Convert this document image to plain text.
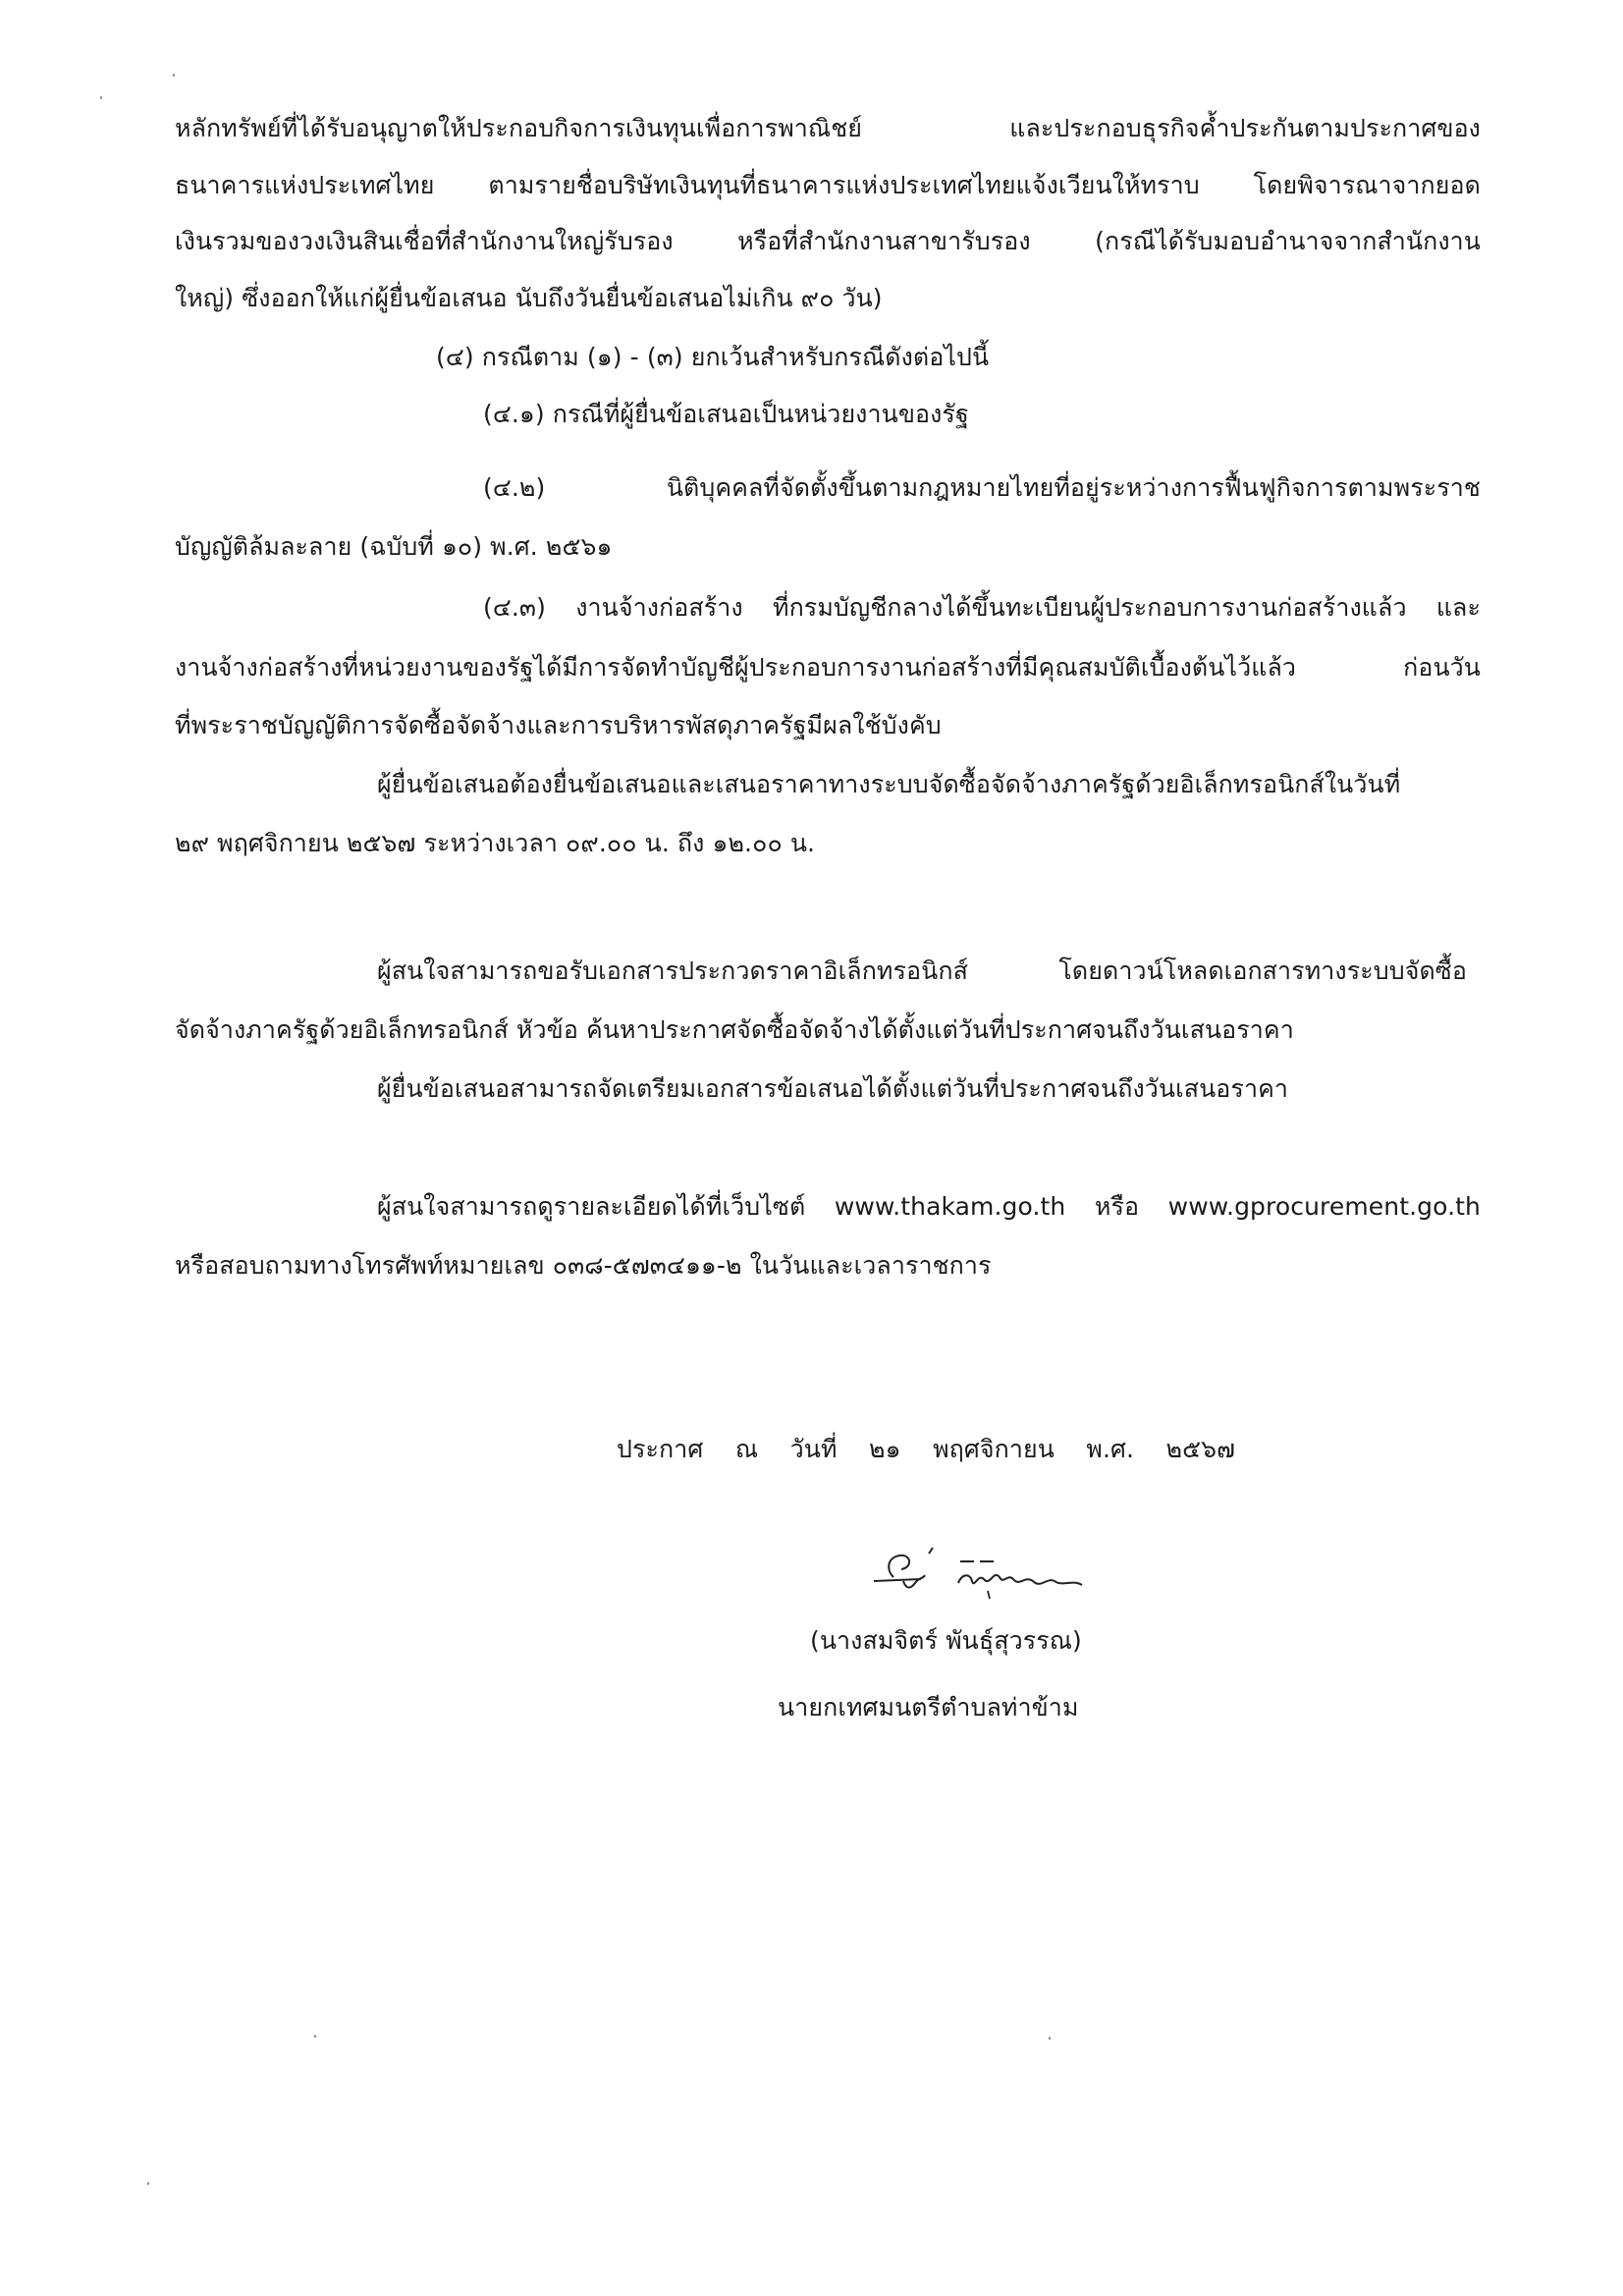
หลักทรัพย์ที่ได้รับอนุญาตให้ประกอบกิจการเงินทุนเพื่อการพาณิชย์ และประกอบธุรกิจค้ำประกันตามประกาศของ
ธนาคารแห่งประเทศไทย ตามรายชื่อบริษัทเงินทุนที่ธนาคารแห่งประเทศไทยแจ้งเวียนให้ทราบ โดยพิจารณาจากยอด
เงินรวมของวงเงินสินเชื่อที่สำนักงานใหญ่รับรอง หรือที่สำนักงานสาขารับรอง (กรณีได้รับมอบอำนาจจากสำนักงาน
ใหญ่) ซึ่งออกให้แก่ผู้ยื่นข้อเสนอ นับถึงวันยื่นข้อเสนอไม่เกิน ๙๐ วัน)
(๔) กรณีตาม (๑) - (๓) ยกเว้นสำหรับกรณีดังต่อไปนี้
(๔.๑) กรณีที่ผู้ยื่นข้อเสนอเป็นหน่วยงานของรัฐ
(๔.๒) นิติบุคคลที่จัดตั้งขึ้นตามกฎหมายไทยที่อยู่ระหว่างการฟื้นฟูกิจการตามพระราช
บัญญัติล้มละลาย (ฉบับที่ ๑๐) พ.ศ. ๒๕๖๑
(๔.๓) งานจ้างก่อสร้าง ที่กรมบัญชีกลางได้ขึ้นทะเบียนผู้ประกอบการงานก่อสร้างแล้ว และ
งานจ้างก่อสร้างที่หน่วยงานของรัฐได้มีการจัดทำบัญชีผู้ประกอบการงานก่อสร้างที่มีคุณสมบัติเบื้องต้นไว้แล้ว ก่อนวัน
ที่พระราชบัญญัติการจัดซื้อจัดจ้างและการบริหารพัสดุภาครัฐมีผลใช้บังคับ
ผู้ยื่นข้อเสนอต้องยื่นข้อเสนอและเสนอราคาทางระบบจัดซื้อจัดจ้างภาครัฐด้วยอิเล็กทรอนิกส์ในวันที่
๒๙ พฤศจิกายน ๒๕๖๗ ระหว่างเวลา ๐๙.๐๐ น. ถึง ๑๒.๐๐ น.
ผู้สนใจสามารถขอรับเอกสารประกวดราคาอิเล็กทรอนิกส์ โดยดาวน์โหลดเอกสารทางระบบจัดซื้อ
จัดจ้างภาครัฐด้วยอิเล็กทรอนิกส์ หัวข้อ ค้นหาประกาศจัดซื้อจัดจ้างได้ตั้งแต่วันที่ประกาศจนถึงวันเสนอราคา
ผู้ยื่นข้อเสนอสามารถจัดเตรียมเอกสารข้อเสนอได้ตั้งแต่วันที่ประกาศจนถึงวันเสนอราคา
ผู้สนใจสามารถดูรายละเอียดได้ที่เว็บไซต์ www.thakam.go.th หรือ www.gprocurement.go.th
หรือสอบถามทางโทรศัพท์หมายเลข ๐๓๘-๕๗๓๔๑๑-๒ ในวันและเวลาราชการ
ประกาศ ณ วันที่ ๒๑ พฤศจิกายน พ.ศ. ๒๕๖๗
(นางสมจิตร์ พันธุ์สุวรรณ)
นายกเทศมนตรีตำบลท่าข้าม
